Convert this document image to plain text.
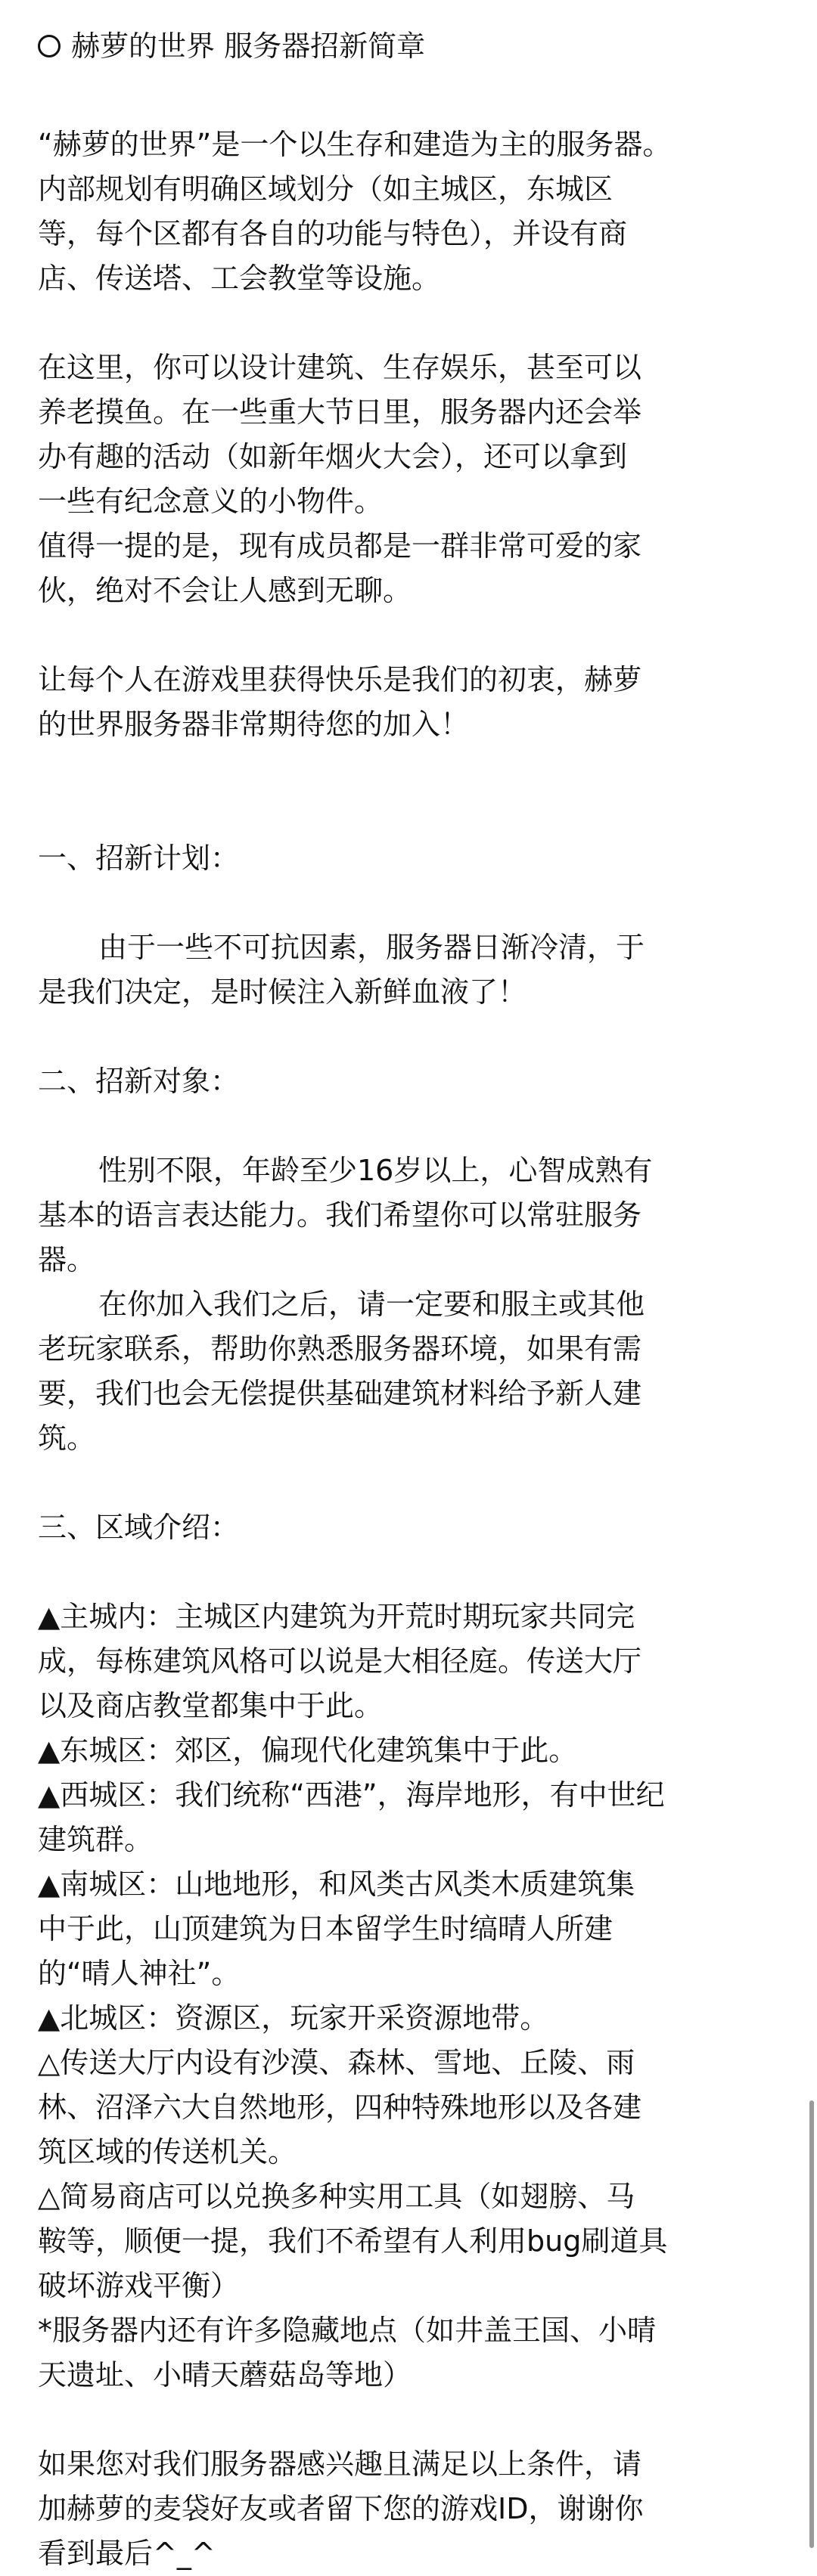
赫萝的世界 服务器招新简章
“赫萝的世界”是一个以生存和建造为主的服务器。
内部规划有明确区域划分（如主城区，东城区
等，每个区都有各自的功能与特色），并设有商
店、传送塔、工会教堂等设施。
在这里，你可以设计建筑、生存娱乐，甚至可以
养老摸鱼。在一些重大节日里，服务器内还会举
办有趣的活动（如新年烟火大会），还可以拿到
一些有纪念意义的小物件。
值得一提的是，现有成员都是一群非常可爱的家
伙，绝对不会让人感到无聊。
让每个人在游戏里获得快乐是我们的初衷，赫萝
的世界服务器非常期待您的加入！
一、招新计划：
由于一些不可抗因素，服务器日渐冷清，于
是我们决定，是时候注入新鲜血液了！
二、招新对象：
性别不限，年龄至少16岁以上，心智成熟有
基本的语言表达能力。我们希望你可以常驻服务
器。
在你加入我们之后，请一定要和服主或其他
老玩家联系，帮助你熟悉服务器环境，如果有需
要，我们也会无偿提供基础建筑材料给予新人建
筑。
三、区域介绍：
▲主城内：主城区内建筑为开荒时期玩家共同完
成，每栋建筑风格可以说是大相径庭。传送大厅
以及商店教堂都集中于此。
▲东城区：郊区，偏现代化建筑集中于此。
▲西城区：我们统称“西港”，海岸地形，有中世纪
建筑群。
▲南城区：山地地形，和风类古风类木质建筑集
中于此，山顶建筑为日本留学生时缟晴人所建
的“晴人神社”。
▲北城区：资源区，玩家开采资源地带。
△传送大厅内设有沙漠、森林、雪地、丘陵、雨
林、沼泽六大自然地形，四种特殊地形以及各建
筑区域的传送机关。
△简易商店可以兑换多种实用工具（如翅膀、马
鞍等，顺便一提，我们不希望有人利用bug刷道具
破坏游戏平衡）
*服务器内还有许多隐藏地点（如井盖王国、小晴
天遗址、小晴天蘑菇岛等地）
如果您对我们服务器感兴趣且满足以上条件，请
加赫萝的麦袋好友或者留下您的游戏ID，谢谢你
看到最后^_^
